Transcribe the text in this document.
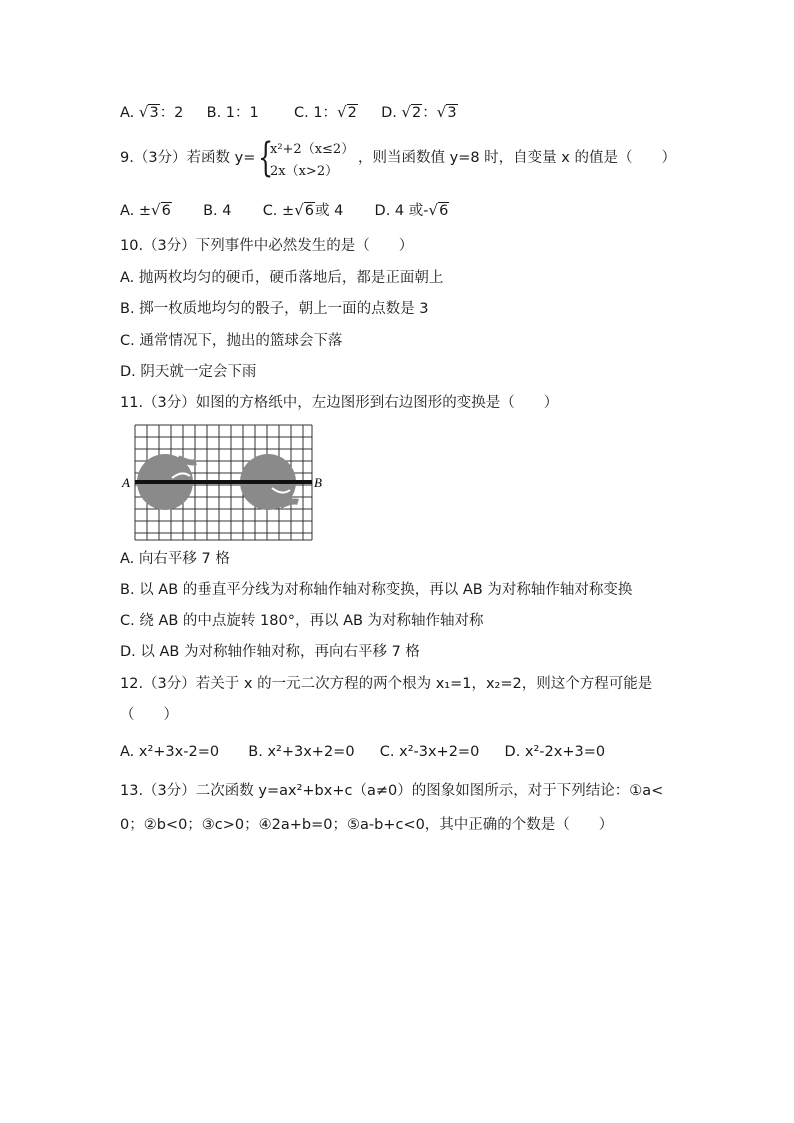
A. √3：2 B. 1：1 C. 1：√2 D. √2：√3
9.（3分）若函数 y= {
x²+2（x≤2）
2x（x>2）
，则当函数值 y=8 时，自变量 x 的值是（　　）
A. ±√6 B. 4 C. ±√6或 4 D. 4 或-√6
10.（3分）下列事件中必然发生的是（　　）
A. 抛两枚均匀的硬币，硬币落地后，都是正面朝上
B. 掷一枚质地均匀的骰子，朝上一面的点数是 3
C. 通常情况下，抛出的篮球会下落
D. 阴天就一定会下雨
11.（3分）如图的方格纸中，左边图形到右边图形的变换是（　　）
A	B
A. 向右平移 7 格
B. 以 AB 的垂直平分线为对称轴作轴对称变换，再以 AB 为对称轴作轴对称变换
C. 绕 AB 的中点旋转 180°，再以 AB 为对称轴作轴对称
D. 以 AB 为对称轴作轴对称，再向右平移 7 格
12.（3分）若关于 x 的一元二次方程的两个根为 x₁=1，x₂=2，则这个方程可能是
（　　）
A. x²+3x-2=0 B. x²+3x+2=0 C. x²-3x+2=0 D. x²-2x+3=0
13.（3分）二次函数 y=ax²+bx+c（a≠0）的图象如图所示，对于下列结论：①a<
0；②b<0；③c>0；④2a+b=0；⑤a-b+c<0，其中正确的个数是（　　）
